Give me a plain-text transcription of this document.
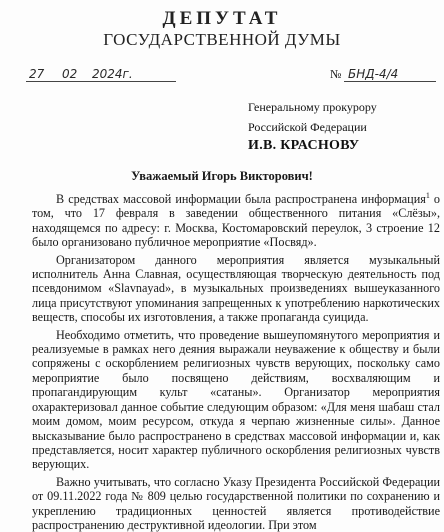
ДЕПУТАТ
ГОСУДАРСТВЕННОЙ ДУМЫ
27 02 2024г.	№ БНД-4/4
Генеральному прокурору
Российской Федерации
И.В. КРАСНОВУ
Уважаемый Игорь Викторович!

В средствах массовой информации была распространена информация$^1$ о том, что 17 февраля в заведении общественного питания «Слёзы», находящемся по адресу: г. Москва, Костомаровский переулок, 3 строение 12 было организовано публичное мероприятие «Посвяд».

Организатором данного мероприятия является музыкальный исполнитель Анна Славная, осуществляющая творческую деятельность под псевдонимом «Slavnayad», в музыкальных произведениях вышеуказанного лица присутствуют упоминания запрещенных к употреблению наркотических веществ, способы их изготовления, а также пропаганда суицида.

Необходимо отметить, что проведение вышеупомянутого мероприятия и реализуемые в рамках него деяния выражали неуважение к обществу и были сопряжены с оскорблением религиозных чувств верующих, поскольку само мероприятие было посвящено действиям, восхваляющим и пропагандирующим культ «сатаны». Организатор мероприятия охарактеризовал данное событие следующим образом: «Для меня шабаш стал моим домом, моим ресурсом, откуда я черпаю жизненные силы». Данное высказывание было распространено в средствах массовой информации и, как представляется, носит характер публичного оскорбления религиозных чувств верующих.

Важно учитывать, что согласно Указу Президента Российской Федерации от 09.11.2022 года № 809 целью государственной политики по сохранению и укреплению традиционных ценностей является противодействие распространению деструктивной идеологии. При этом
